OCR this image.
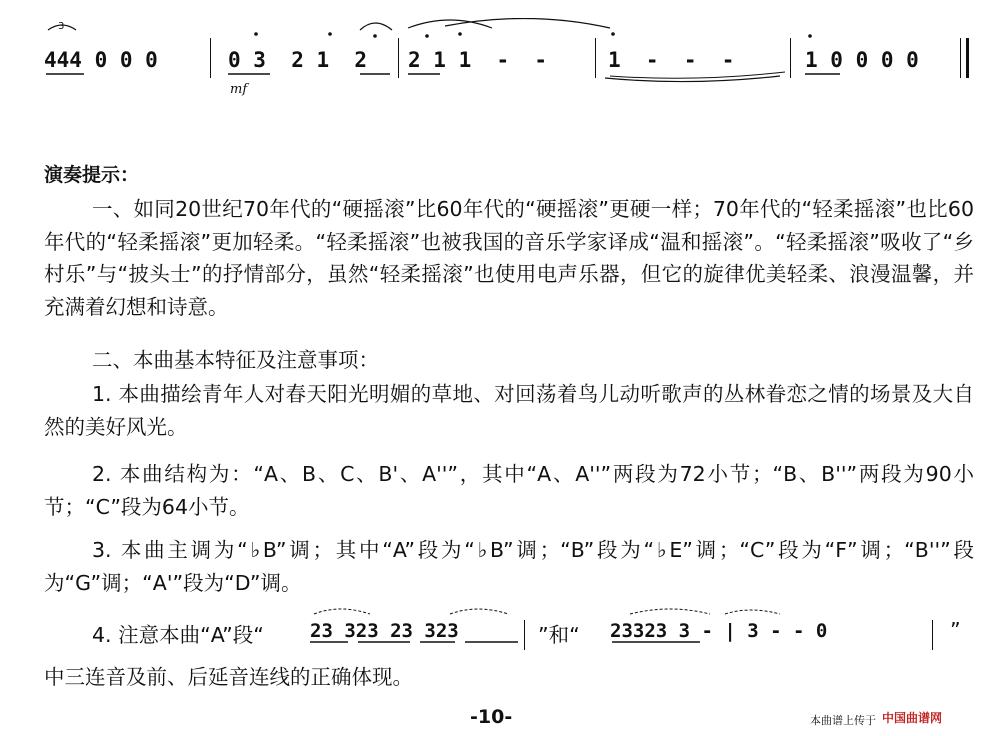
3
444 0 0 0	0 3  2 1  2 2 1 1  -  -	1  -  -  -	1 0 0 0 0
mf
演奏提示：
一、如同20世纪70年代的“硬摇滚”比60年代的“硬摇滚”更硬一样；70年代的“轻柔摇滚”也比60年代的“轻柔摇滚”更加轻柔。“轻柔摇滚”也被我国的音乐学家译成“温和摇滚”。“轻柔摇滚”吸收了“乡村乐”与“披头士”的抒情部分，虽然“轻柔摇滚”也使用电声乐器，但它的旋律优美轻柔、浪漫温馨，并充满着幻想和诗意。
二、本曲基本特征及注意事项：
1. 本曲描绘青年人对春天阳光明媚的草地、对回荡着鸟儿动听歌声的丛林眷恋之情的场景及大自然的美好风光。
2. 本曲结构为：“A、B、C、B'、A''”，其中“A、A''”两段为72小节；“B、B''”两段为90小节；“C”段为64小节。
3. 本曲主调为“♭B”调；其中“A”段为“♭B”调；“B”段为“♭E”调；“C”段为“F”调；“B''”段为“G”调；“A'”段为“D”调。
4. 注意本曲“A”段“ 23 323 23 323	”和“ 23323 3 - | 3 - - 0	”
中三连音及前、后延音连线的正确体现。
-10-	本曲谱上传于 中国曲谱网
